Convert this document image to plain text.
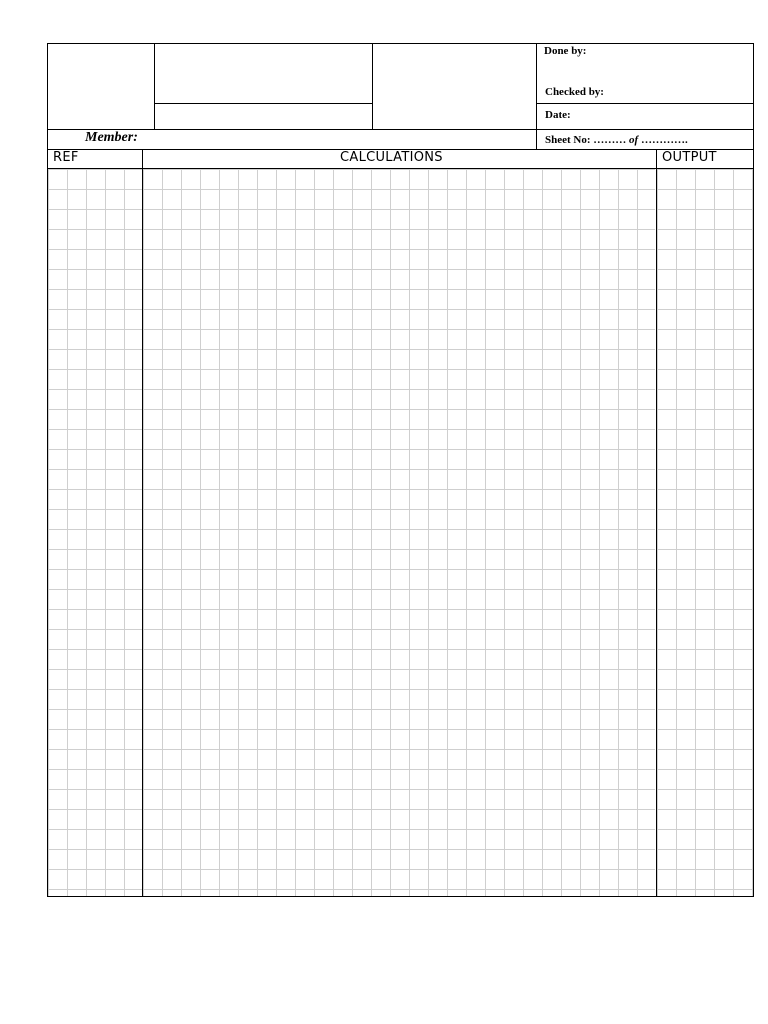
Done by:
Checked by:
Date:
Sheet No: ……… of ………….
Member:
REF	CALCULATIONS	OUTPUT
